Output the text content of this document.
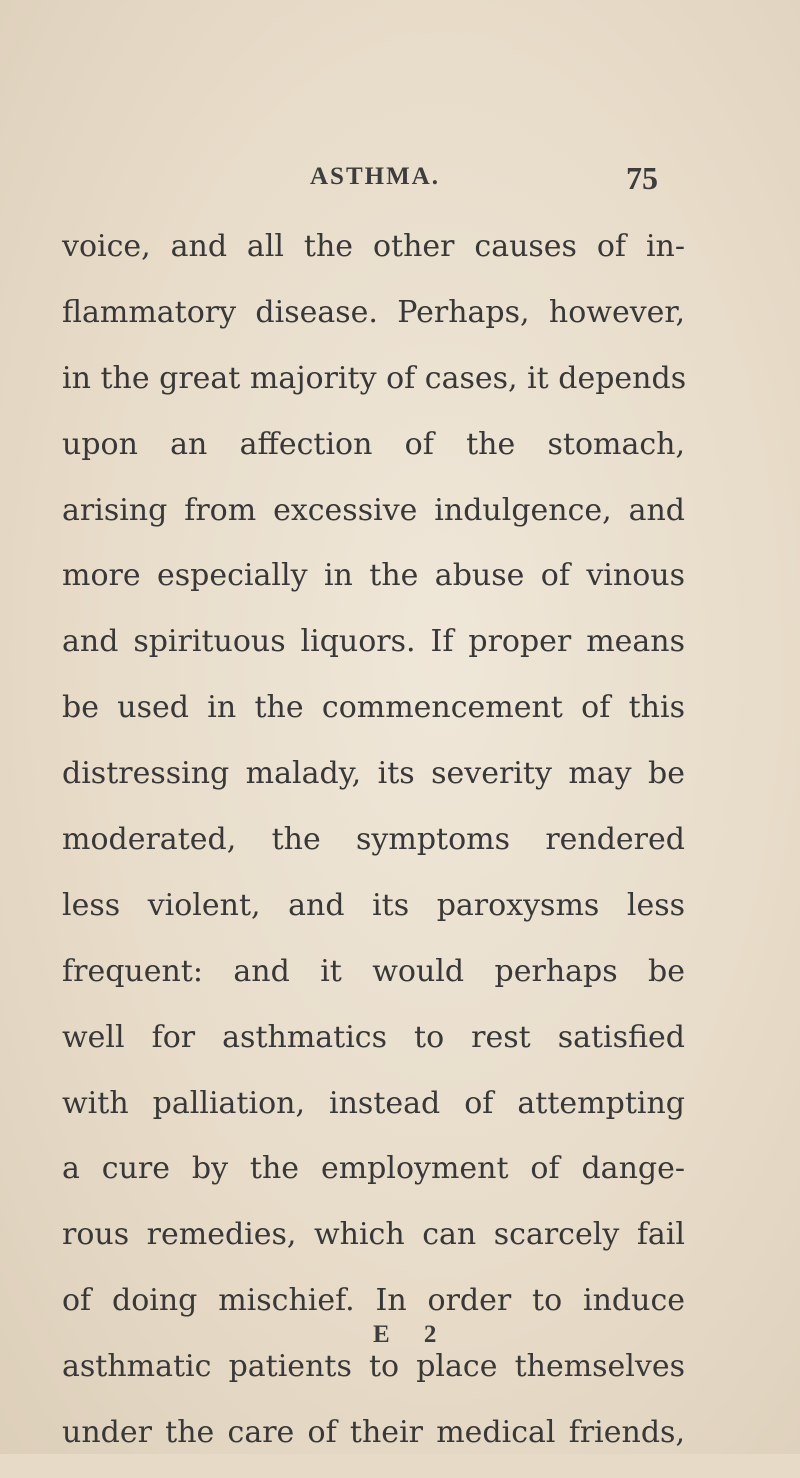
ASTHMA.	75
voice, and all the other causes of in-
flammatory disease. Perhaps, however,
in the great majority of cases, it depends
upon an affection of the stomach,
arising from excessive indulgence, and
more especially in the abuse of vinous
and spirituous liquors. If proper means
be used in the commencement of this
distressing malady, its severity may be
moderated, the symptoms rendered
less violent, and its paroxysms less
frequent: and it would perhaps be
well for asthmatics to rest satisfied
with palliation, instead of attempting
a cure by the employment of dange-
rous remedies, which can scarcely fail
of doing mischief. In order to induce
asthmatic patients to place themselves
under the care of their medical friends,
E 2
